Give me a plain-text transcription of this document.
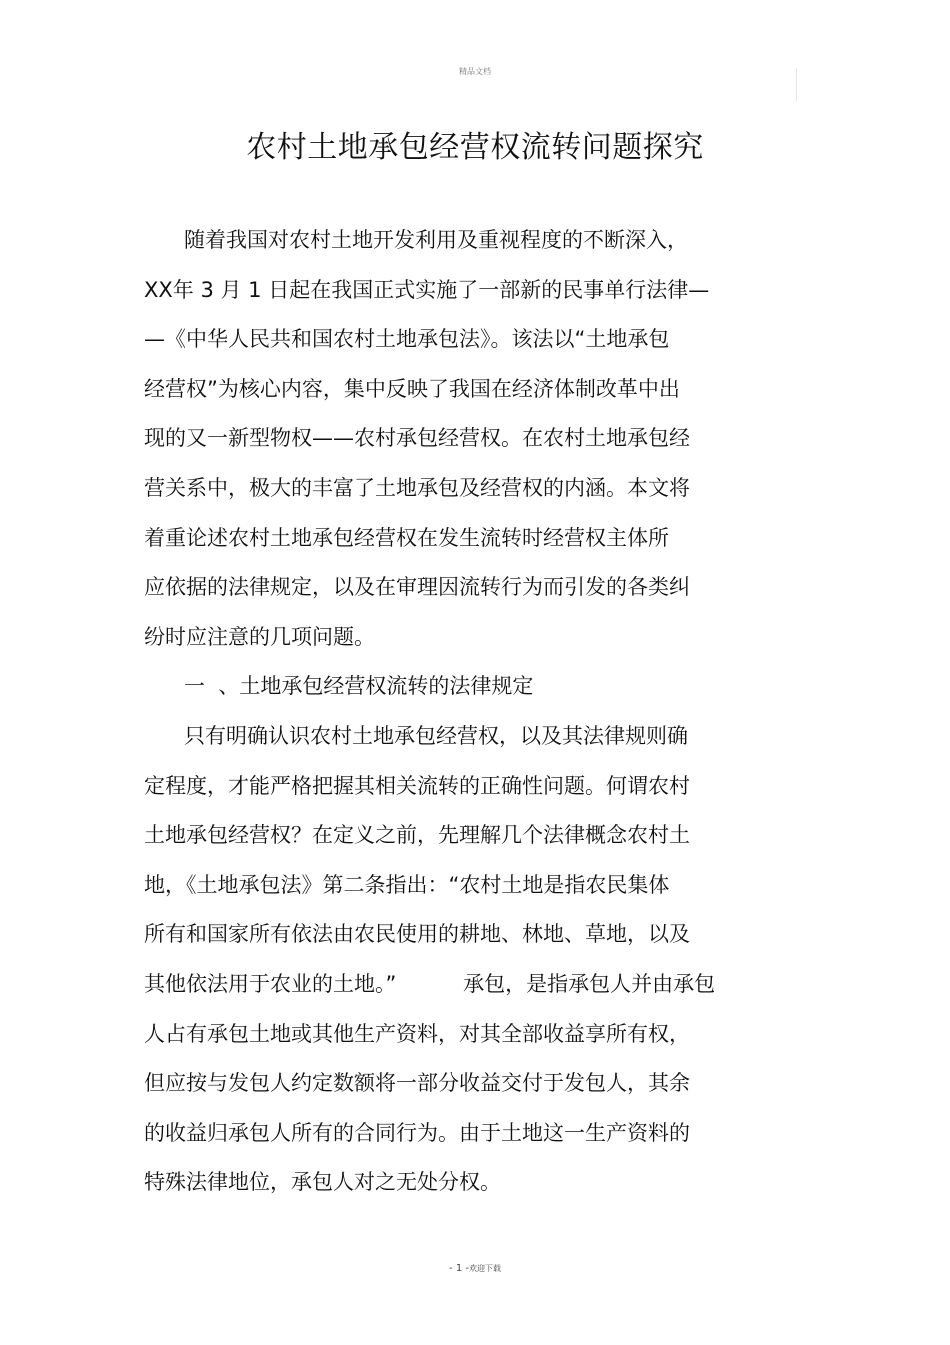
精品文档
农村土地承包经营权流转问题探究
随着我国对农村土地开发利用及重视程度的不断深入，
XX年 3 月 1 日起在我国正式实施了一部新的民事单行法律—
—《中华人民共和国农村土地承包法》。该法以“土地承包
经营权”为核心内容，集中反映了我国在经济体制改革中出
现的又一新型物权——农村承包经营权。在农村土地承包经
营关系中，极大的丰富了土地承包及经营权的内涵。本文将
着重论述农村土地承包经营权在发生流转时经营权主体所
应依据的法律规定，以及在审理因流转行为而引发的各类纠
纷时应注意的几项问题。
一  、土地承包经营权流转的法律规定
只有明确认识农村土地承包经营权，以及其法律规则确
定程度，才能严格把握其相关流转的正确性问题。何谓农村
土地承包经营权？在定义之前，先理解几个法律概念农村土
地，《土地承包法》第二条指出：“农村土地是指农民集体
所有和国家所有依法由农民使用的耕地、林地、草地，以及
其他依法用于农业的土地。”          承包，是指承包人并由承包
人占有承包土地或其他生产资料，对其全部收益享所有权，
但应按与发包人约定数额将一部分收益交付于发包人，其余
的收益归承包人所有的合同行为。由于土地这一生产资料的
特殊法律地位，承包人对之无处分权。
- 1 -欢迎下载
